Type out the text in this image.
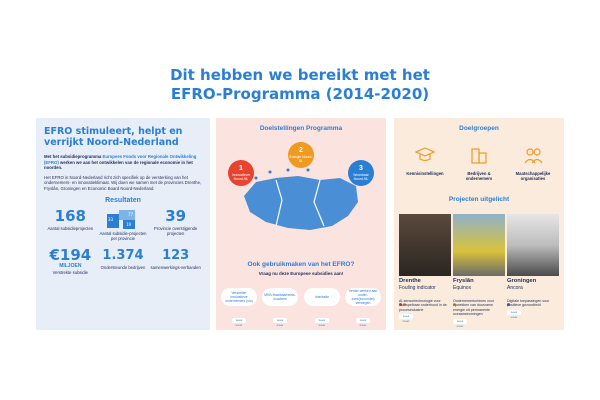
Dit hebben we bereikt met het
EFRO-Programma (2014-2020)
EFRO stimuleert, helpt en verrijkt Noord-Nederland
Met het subsidieprogramma Europees Fonds voor Regionale Ontwikkeling (EFRO) werken we aan het ontwikkelen van de regionale economie in het noorden.
Het EFRO in Noord-Nederland richt zich specifiek op de versterking van het ondernemers- en innovatieklimaat. Wij doen we samen met de provincies Drenthe, Fryslân, Groningen en Economic Board Noord-Nederland.
Resultaten
168
Aantal subsidieprojecten
33
77
19
Aantal subsidie-projecten per provincie
39
Provincie overstijgende projecten
€194
MILJOEN
Verstrekte subsidie
1.374
Ondersteunde bedrijven
123
samenwerkings-verbanden
Doelstellingen Programma
1
Innovatiever Noord-NL
2
Energie Noord-NL
3
Woonbaar Noord-NL
Ook gebruikmaken van het EFRO?
Vraag nu deze Europese subsidies aan!
Versneller innovatieve ondernemers (vio)
MKB-Haalbaarheids-vouchers	Interbalie
Verder werken aan onder-zoek(svoorstel) verwegen
Lees meer
Lees meer
Lees meer
Lees meer
Doelgroepen
Kennisinstellingen	Bedrijven & ondernemers
Maatschappelijke organisaties
Projecten uitgelicht
Drenthe
Fouling indicator
AI-sensortechnologie voor voorspelbaar onderhoud in de procesindustrie
Lees meer
Fryslân
Equinox
Ondernemerturbines voor opwekken van duurzame energie uit permanente oceaanstromingen
Lees meer
Groningen
Ancora
Digitale toepassingen voor positieve gezondheid
Lees meer
